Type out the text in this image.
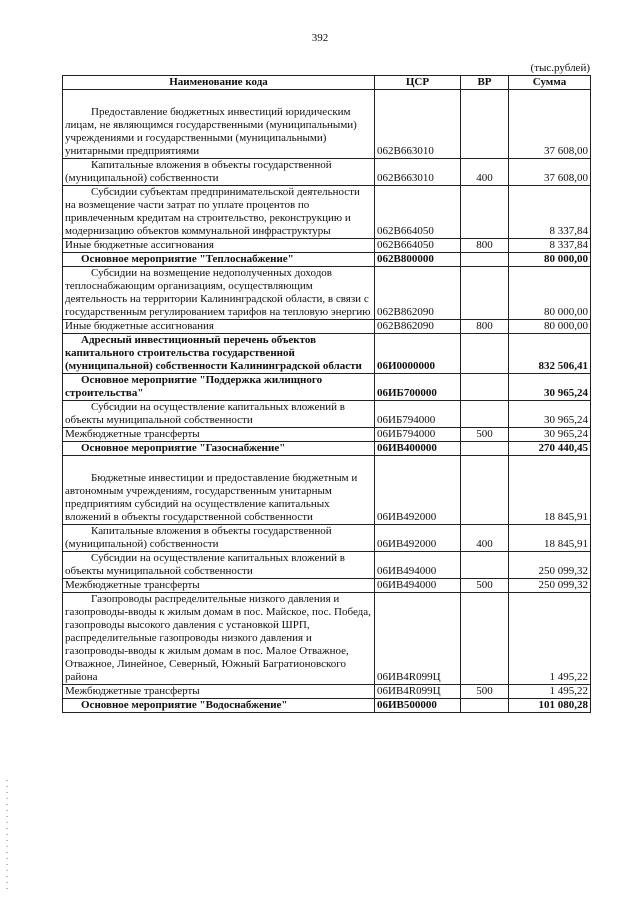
392
(тыс.рублей)
Наименование кода	ЦСР	ВР	Сумма
Предоставление бюджетных инвестиций юридическим лицам, не являющимся государственными (муниципальными) учреждениями и государственными (муниципальными) унитарными предприятиями	062В663010		37 608,00
Капитальные вложения в объекты государственной (муниципальной) собственности	062В663010	400	37 608,00
Субсидии субъектам предпринимательской деятельности на возмещение части затрат по уплате процентов по привлеченным кредитам на строительство, реконструкцию и модернизацию объектов коммунальной инфраструктуры	062В664050		8 337,84
Иные бюджетные ассигнования	062В664050	800	8 337,84
Основное мероприятие "Теплоснабжение"	062В800000		80 000,00
Субсидии на возмещение недополученных доходов теплоснабжающим организациям, осуществляющим деятельность на территории Калининградской области, в связи с государственным регулированием тарифов на тепловую энергию	062В862090		80 000,00
Иные бюджетные ассигнования	062В862090	800	80 000,00
Адресный инвестиционный перечень объектов капитального строительства государственной (муниципальной) собственности Калининградской области	06И0000000		832 506,41
Основное мероприятие "Поддержка жилищного строительства"	06ИБ700000		30 965,24
Субсидии на осуществление капитальных вложений в объекты муниципальной собственности	06ИБ794000		30 965,24
Межбюджетные трансферты	06ИБ794000	500	30 965,24
Основное мероприятие "Газоснабжение"	06ИВ400000		270 440,45
Бюджетные инвестиции и предоставление бюджетным и автономным учреждениям, государственным унитарным предприятиям субсидий на осуществление капитальных вложений в объекты государственной собственности	06ИВ492000		18 845,91
Капитальные вложения в объекты государственной (муниципальной) собственности	06ИВ492000	400	18 845,91
Субсидии на осуществление капитальных вложений в объекты муниципальной собственности	06ИВ494000		250 099,32
Межбюджетные трансферты	06ИВ494000	500	250 099,32
Газопроводы распределительные низкого давления и газопроводы-вводы к жилым домам в пос. Майское, пос. Победа, газопроводы высокого давления с установкой ШРП, распределительные газопроводы низкого давления и газопроводы-вводы к жилым домам в пос. Малое Отважное, Отважное, Линейное, Северный, Южный Багратионовского района	06ИВ4R099Ц		1 495,22
Межбюджетные трансферты	06ИВ4R099Ц	500	1 495,22
Основное мероприятие "Водоснабжение"	06ИВ500000		101 080,28
